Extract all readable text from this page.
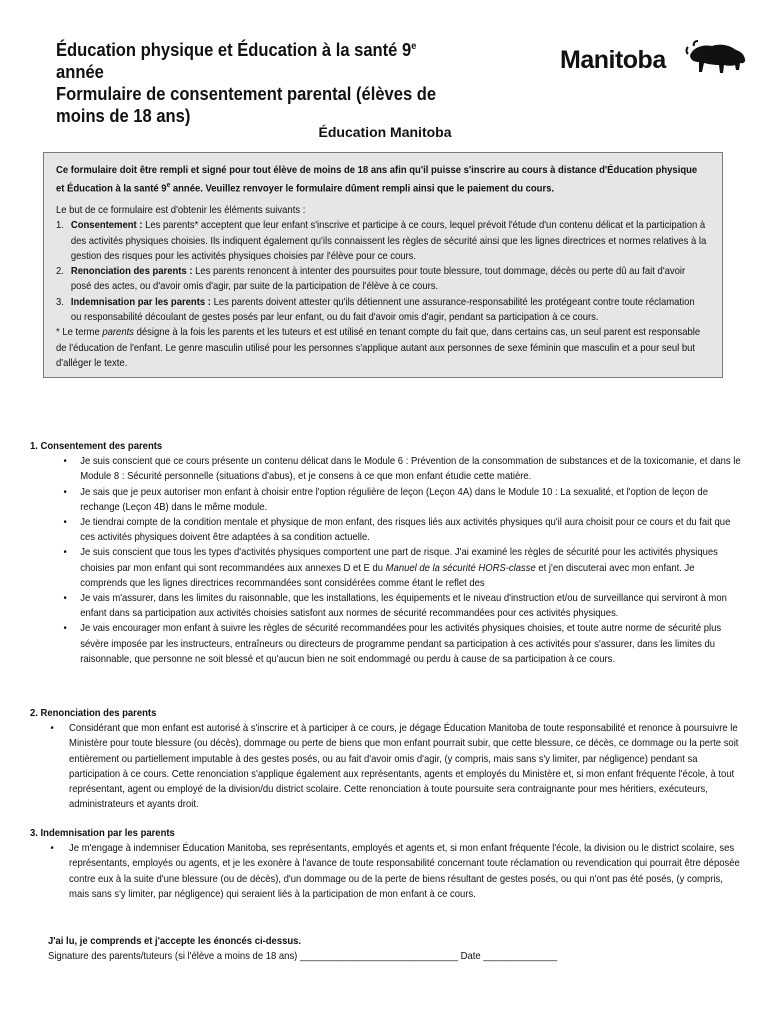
Éducation physique et Éducation à la santé 9e année
Formulaire de consentement parental (élèves de
moins de 18 ans)
Manitoba
Éducation Manitoba

Ce formulaire doit être rempli et signé pour tout élève de moins de 18 ans afin qu'il puisse s'inscrire au cours à distance d'Éducation physique et Éducation à la santé 9e année. Veuillez renvoyer le formulaire dûment rempli ainsi que le paiement du cours.

Le but de ce formulaire est d'obtenir les éléments suivants :

1. Consentement : Les parents* acceptent que leur enfant s'inscrive et participe à ce cours, lequel prévoit l'étude d'un contenu délicat et la participation à des activités physiques choisies. Ils indiquent également qu'ils connaissent les règles de sécurité ainsi que les lignes directrices et normes relatives à la gestion des risques pour les activités physiques choisies par l'élève pour ce cours.
2. Renonciation des parents : Les parents renoncent à intenter des poursuites pour toute blessure, tout dommage, décès ou perte dû au fait d'avoir posé des actes, ou d'avoir omis d'agir, par suite de la participation de l'élève à ce cours.
3. Indemnisation par les parents : Les parents doivent attester qu'ils détiennent une assurance-responsabilité les protégeant contre toute réclamation ou responsabilité découlant de gestes posés par leur enfant, ou du fait d'avoir omis d'agir, pendant sa participation à ce cours.

* Le terme parents désigne à la fois les parents et les tuteurs et est utilisé en tenant compte du fait que, dans certains cas, un seul parent est responsable de l'éducation de l'enfant. Le genre masculin utilisé pour les personnes s'applique autant aux personnes de sexe féminin que masculin et a pour seul but d'alléger le texte.

1. Consentement des parents
• Je suis conscient que ce cours présente un contenu délicat dans le Module 6 : Prévention de la consommation de substances et de la toxicomanie, et dans le Module 8 : Sécurité personnelle (situations d'abus), et je consens à ce que mon enfant étudie cette matière.
• Je sais que je peux autoriser mon enfant à choisir entre l'option régulière de leçon (Leçon 4A) dans le Module 10 : La sexualité, et l'option de leçon de rechange (Leçon 4B) dans le même module.
• Je tiendrai compte de la condition mentale et physique de mon enfant, des risques liés aux activités physiques qu'il aura choisit pour ce cours et du fait que ces activités physiques doivent être adaptées à sa condition actuelle.
• Je suis conscient que tous les types d'activités physiques comportent une part de risque. J'ai examiné les règles de sécurité pour les activités physiques choisies par mon enfant qui sont recommandées aux annexes D et E du Manuel de la sécurité HORS-classe et j'en discuterai avec mon enfant. Je comprends que les lignes directrices recommandées sont considérées comme étant le reflet des
• Je vais m'assurer, dans les limites du raisonnable, que les installations, les équipements et le niveau d'instruction et/ou de surveillance qui serviront à mon enfant dans sa participation aux activités choisies satisfont aux normes de sécurité recommandées pour ces activités physiques.
• Je vais encourager mon enfant à suivre les règles de sécurité recommandées pour les activités physiques choisies, et toute autre norme de sécurité plus sévère imposée par les instructeurs, entraîneurs ou directeurs de programme pendant sa participation à ces activités pour s'assurer, dans les limites du raisonnable, que personne ne soit blessé et qu'aucun bien ne soit endommagé ou perdu à cause de sa participation à ce cours.
2. Renonciation des parents
• Considérant que mon enfant est autorisé à s'inscrire et à participer à ce cours, je dégage Éducation Manitoba de toute responsabilité et renonce à poursuivre le Ministère pour toute blessure (ou décès), dommage ou perte de biens que mon enfant pourrait subir, que cette blessure, ce décès, ce dommage ou la perte soit entièrement ou partiellement imputable à des gestes posés, ou au fait d'avoir omis d'agir, (y compris, mais sans s'y limiter, par négligence) pendant sa participation à ce cours. Cette renonciation s'applique également aux représentants, agents et employés du Ministère et, si mon enfant fréquente l'école, à tout représentant, agent ou employé de la division/du district scolaire. Cette renonciation à toute poursuite sera contraignante pour mes héritiers, exécuteurs, administrateurs et ayants droit.
3. Indemnisation par les parents
• Je m'engage à indemniser Éducation Manitoba, ses représentants, employés et agents et, si mon enfant fréquente l'école, la division ou le district scolaire, ses représentants, employés ou agents, et je les exonère à l'avance de toute responsabilité concernant toute réclamation ou revendication qui pourrait être déposée contre eux à la suite d'une blessure (ou de décès), d'un dommage ou de la perte de biens résultant de gestes posés, ou qui n'ont pas été posés, (y compris, mais sans s'y limiter, par négligence) qui seraient liés à la participation de mon enfant à ce cours.
J'ai lu, je comprends et j'accepte les énoncés ci-dessus.
Signature des parents/tuteurs (si l'élève a moins de 18 ans) ______________________________ Date ______________
